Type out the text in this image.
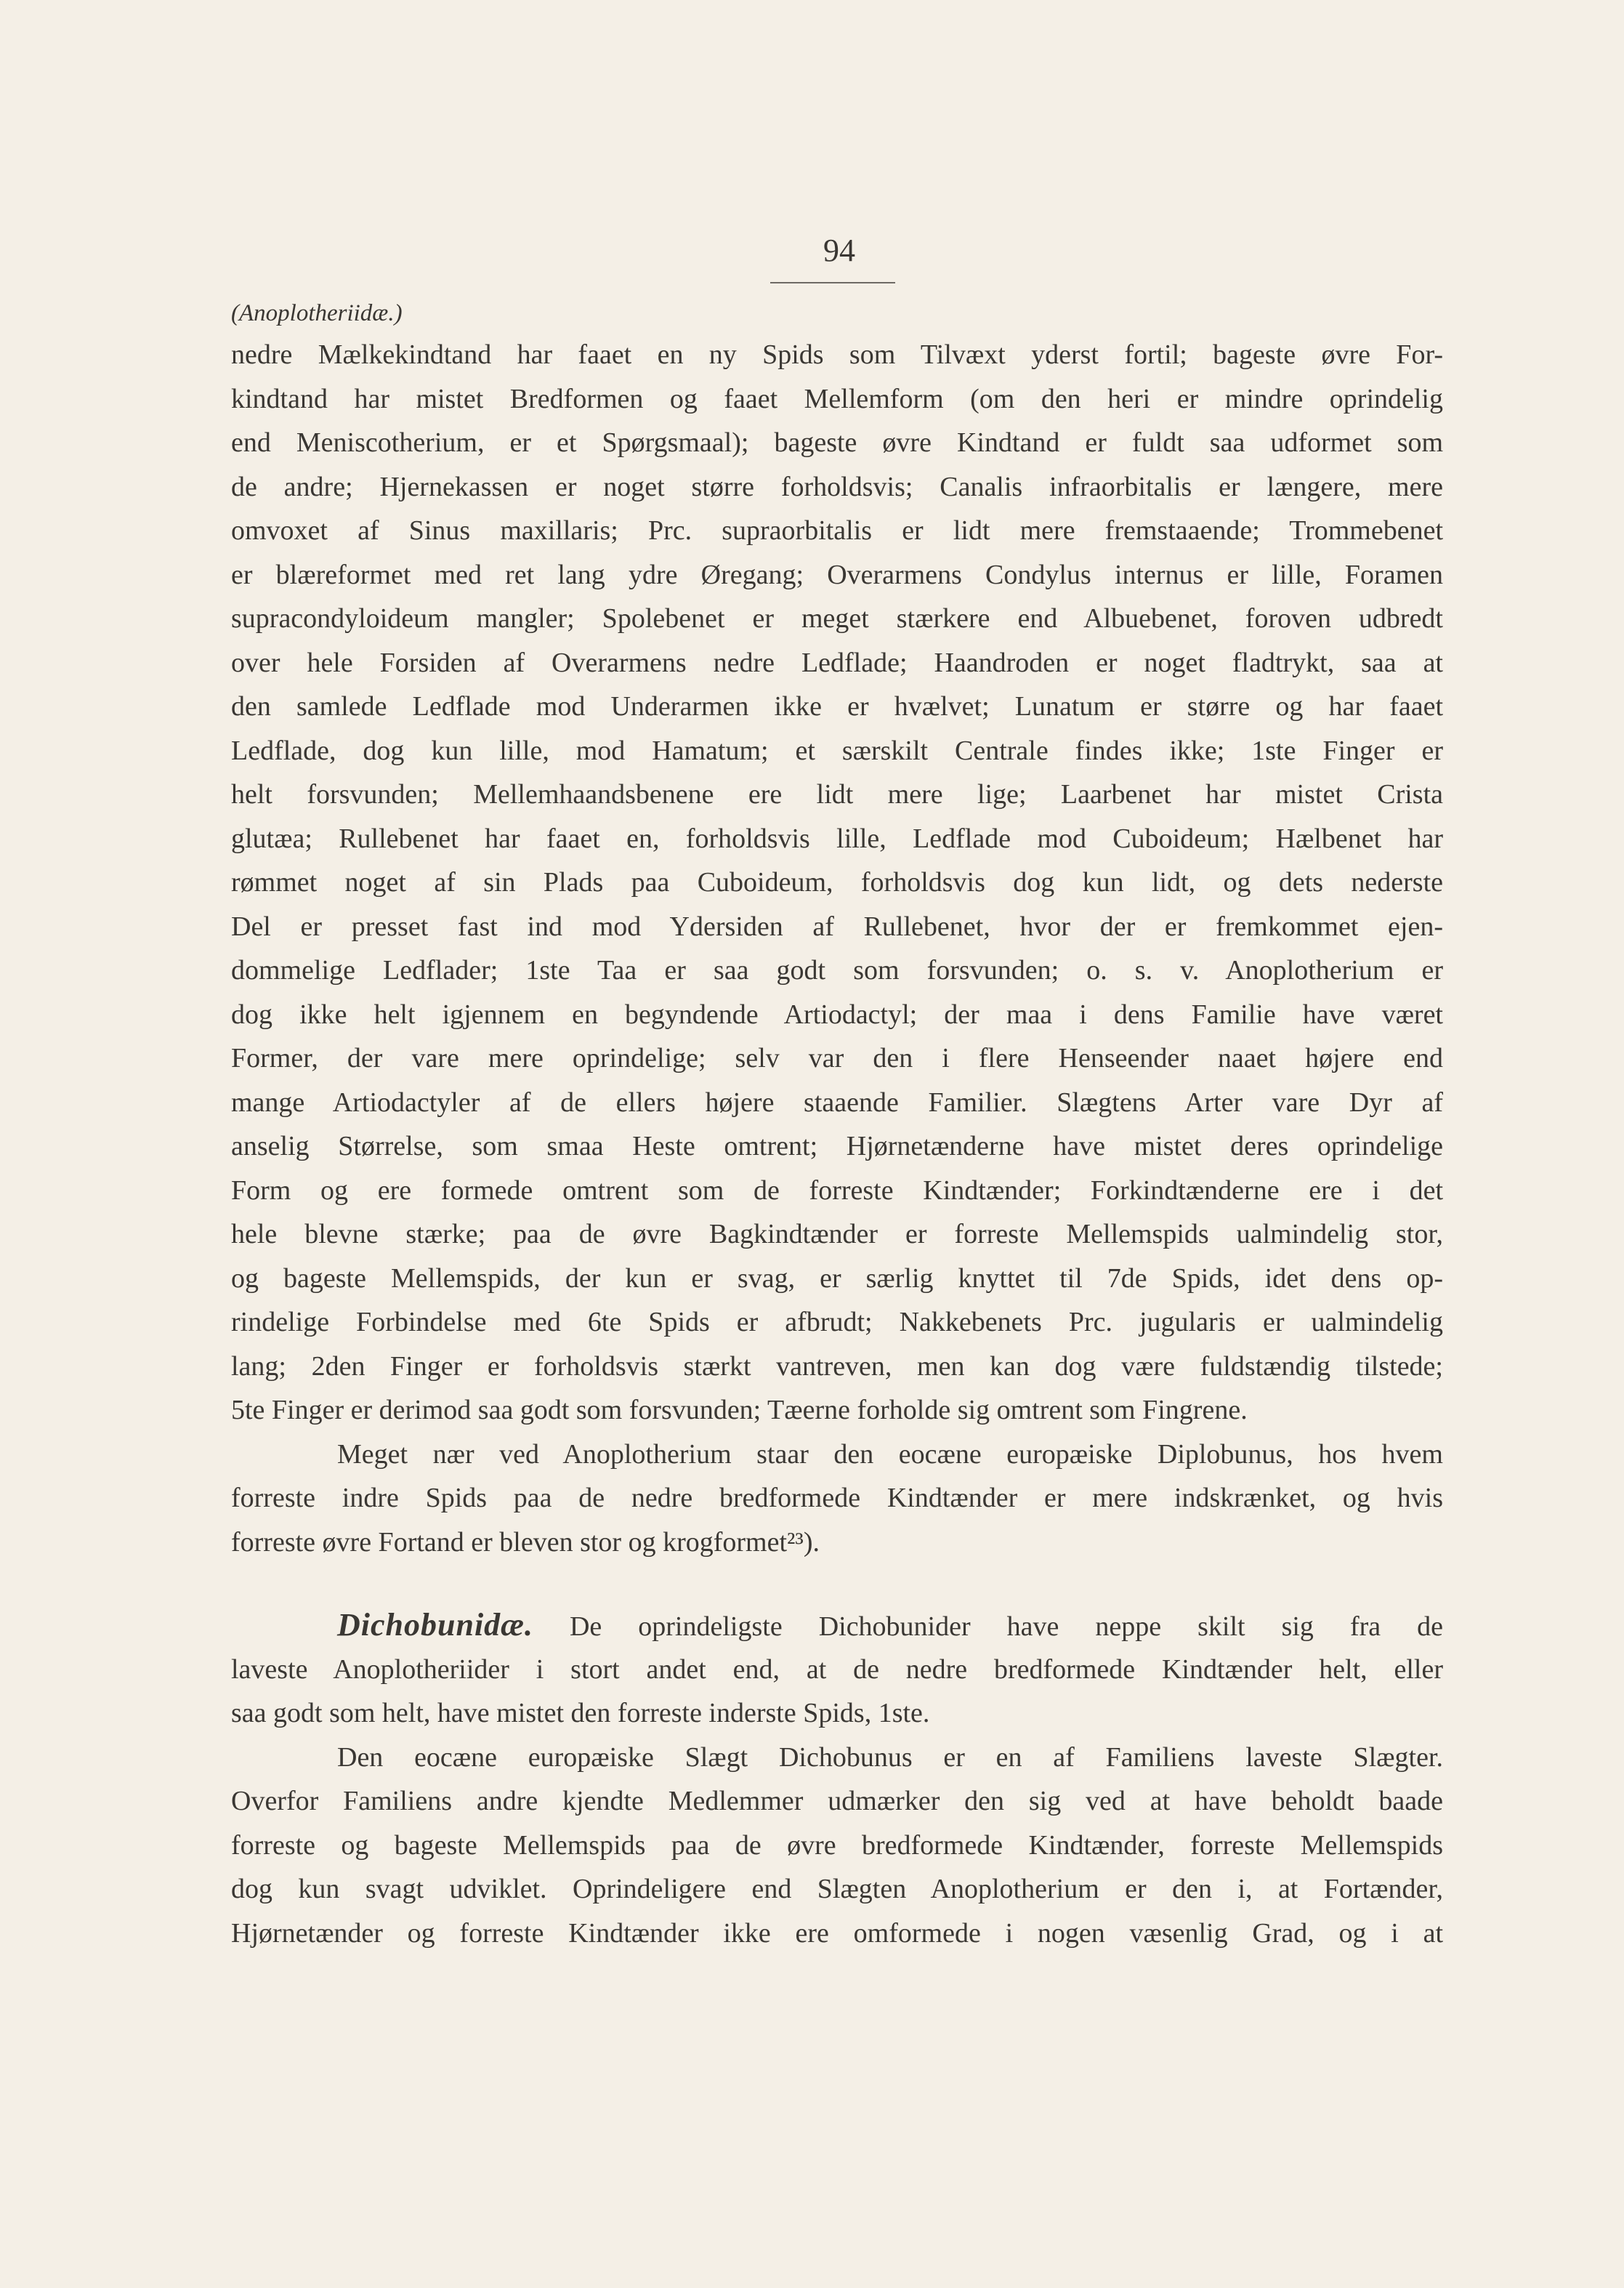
94
(Anoplotheriidæ.)
nedre Mælkekindtand har faaet en ny Spids som Tilvæxt yderst fortil; bageste øvre For-
kindtand har mistet Bredformen og faaet Mellemform (om den heri er mindre oprindelig
end Meniscotherium, er et Spørgsmaal); bageste øvre Kindtand er fuldt saa udformet som
de andre; Hjernekassen er noget større forholdsvis; Canalis infraorbitalis er længere, mere
omvoxet af Sinus maxillaris; Prc. supraorbitalis er lidt mere fremstaaende; Trommebenet
er blæreformet med ret lang ydre Øregang; Overarmens Condylus internus er lille, Foramen
supracondyloideum mangler; Spolebenet er meget stærkere end Albuebenet, foroven udbredt
over hele Forsiden af Overarmens nedre Ledflade; Haandroden er noget fladtrykt, saa at
den samlede Ledflade mod Underarmen ikke er hvælvet; Lunatum er større og har faaet
Ledflade, dog kun lille, mod Hamatum; et særskilt Centrale findes ikke; 1ste Finger er
helt forsvunden; Mellemhaandsbenene ere lidt mere lige; Laarbenet har mistet Crista
glutæa; Rullebenet har faaet en, forholdsvis lille, Ledflade mod Cuboideum; Hælbenet har
rømmet noget af sin Plads paa Cuboideum, forholdsvis dog kun lidt, og dets nederste
Del er presset fast ind mod Ydersiden af Rullebenet, hvor der er fremkommet ejen-
dommelige Ledflader; 1ste Taa er saa godt som forsvunden; o. s. v. Anoplotherium er
dog ikke helt igjennem en begyndende Artiodactyl; der maa i dens Familie have været
Former, der vare mere oprindelige; selv var den i flere Henseender naaet højere end
mange Artiodactyler af de ellers højere staaende Familier. Slægtens Arter vare Dyr af
anselig Størrelse, som smaa Heste omtrent; Hjørnetænderne have mistet deres oprindelige
Form og ere formede omtrent som de forreste Kindtænder; Forkindtænderne ere i det
hele blevne stærke; paa de øvre Bagkindtænder er forreste Mellemspids ualmindelig stor,
og bageste Mellemspids, der kun er svag, er særlig knyttet til 7de Spids, idet dens op-
rindelige Forbindelse med 6te Spids er afbrudt; Nakkebenets Prc. jugularis er ualmindelig
lang; 2den Finger er forholdsvis stærkt vantreven, men kan dog være fuldstændig tilstede;
5te Finger er derimod saa godt som forsvunden; Tæerne forholde sig omtrent som Fingrene.
Meget nær ved Anoplotherium staar den eocæne europæiske Diplobunus, hos hvem
forreste indre Spids paa de nedre bredformede Kindtænder er mere indskrænket, og hvis
forreste øvre Fortand er bleven stor og krogformet²³).
Dichobunidæ. De oprindeligste Dichobunider have neppe skilt sig fra de
laveste Anoplotheriider i stort andet end, at de nedre bredformede Kindtænder helt, eller
saa godt som helt, have mistet den forreste inderste Spids, 1ste.
Den eocæne europæiske Slægt Dichobunus er en af Familiens laveste Slægter.
Overfor Familiens andre kjendte Medlemmer udmærker den sig ved at have beholdt baade
forreste og bageste Mellemspids paa de øvre bredformede Kindtænder, forreste Mellemspids
dog kun svagt udviklet. Oprindeligere end Slægten Anoplotherium er den i, at Fortænder,
Hjørnetænder og forreste Kindtænder ikke ere omformede i nogen væsenlig Grad, og i at
